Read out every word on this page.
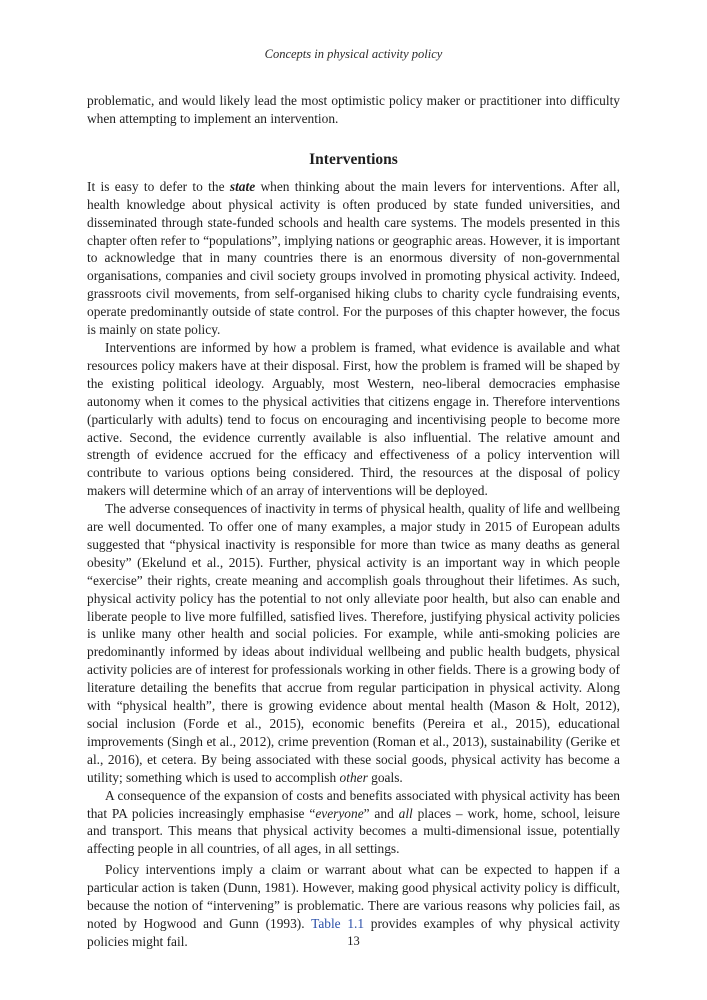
Concepts in physical activity policy

problematic, and would likely lead the most optimistic policy maker or practitioner into difficulty when attempting to implement an intervention.

Interventions

It is easy to defer to the state when thinking about the main levers for interventions. After all, health knowledge about physical activity is often produced by state funded universities, and disseminated through state-funded schools and health care systems. The models presented in this chapter often refer to “populations”, implying nations or geographic areas. However, it is important to acknowledge that in many countries there is an enormous diversity of non-governmental organisations, companies and civil society groups involved in promoting physical activity. Indeed, grassroots civil movements, from self-organised hiking clubs to charity cycle fundraising events, operate predominantly outside of state control. For the purposes of this chapter however, the focus is mainly on state policy.

Interventions are informed by how a problem is framed, what evidence is available and what resources policy makers have at their disposal. First, how the problem is framed will be shaped by the existing political ideology. Arguably, most Western, neo-liberal democracies emphasise autonomy when it comes to the physical activities that citizens engage in. Therefore interventions (particularly with adults) tend to focus on encouraging and incentivising people to become more active. Second, the evidence currently available is also influential. The relative amount and strength of evidence accrued for the efficacy and effectiveness of a policy intervention will contribute to various options being considered. Third, the resources at the disposal of policy makers will determine which of an array of interventions will be deployed.

The adverse consequences of inactivity in terms of physical health, quality of life and wellbeing are well documented. To offer one of many examples, a major study in 2015 of European adults suggested that “physical inactivity is responsible for more than twice as many deaths as general obesity” (Ekelund et al., 2015). Further, physical activity is an important way in which people “exercise” their rights, create meaning and accomplish goals throughout their lifetimes. As such, physical activity policy has the potential to not only alleviate poor health, but also can enable and liberate people to live more fulfilled, satisfied lives. Therefore, justifying physical activity policies is unlike many other health and social policies. For example, while anti-smoking policies are predominantly informed by ideas about individual wellbeing and public health budgets, physical activity policies are of interest for professionals working in other fields. There is a growing body of literature detailing the benefits that accrue from regular participation in physical activity. Along with “physical health”, there is growing evidence about mental health (Mason & Holt, 2012), social inclusion (Forde et al., 2015), economic benefits (Pereira et al., 2015), educational improvements (Singh et al., 2012), crime prevention (Roman et al., 2013), sustainability (Gerike et al., 2016), et cetera. By being associated with these social goods, physical activity has become a utility; something which is used to accomplish other goals.

A consequence of the expansion of costs and benefits associated with physical activity has been that PA policies increasingly emphasise “everyone” and all places – work, home, school, leisure and transport. This means that physical activity becomes a multi-dimensional issue, potentially affecting people in all countries, of all ages, in all settings.

Policy interventions imply a claim or warrant about what can be expected to happen if a particular action is taken (Dunn, 1981). However, making good physical activity policy is difficult, because the notion of “intervening” is problematic. There are various reasons why policies fail, as noted by Hogwood and Gunn (1993). Table 1.1 provides examples of why physical activity policies might fail.	13
